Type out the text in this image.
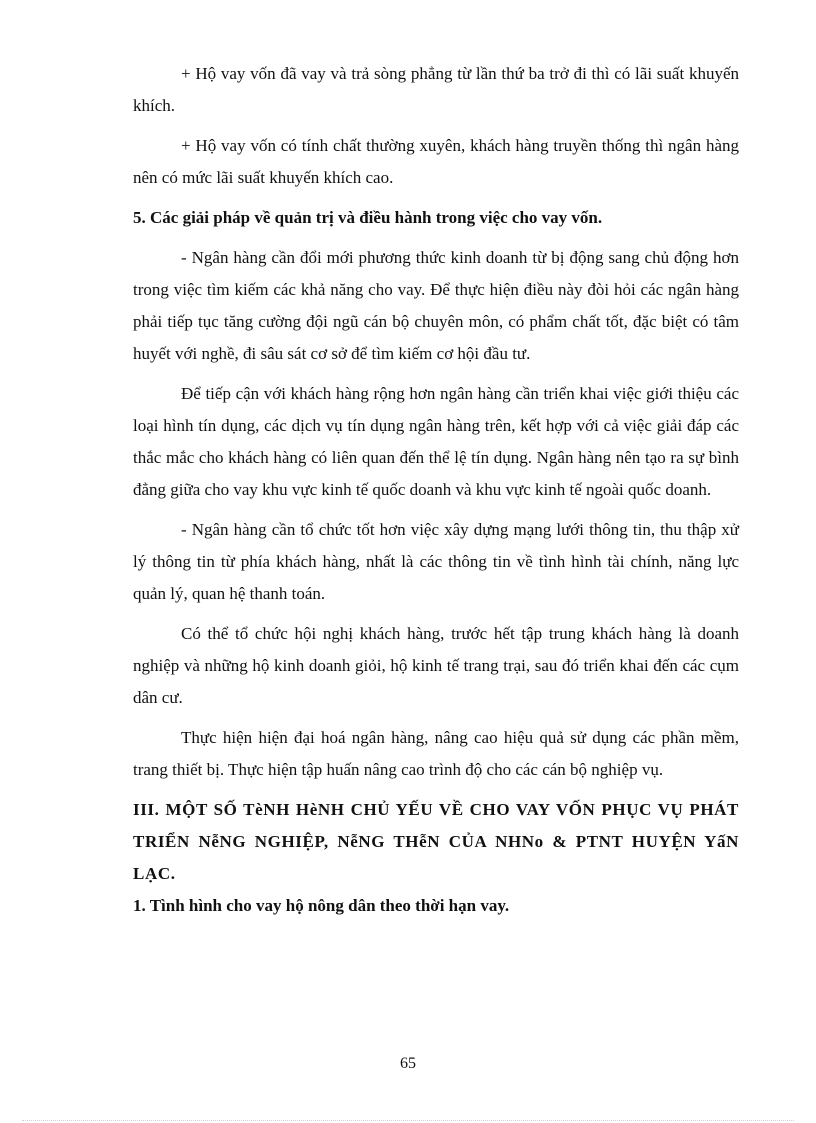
+ Hộ vay vốn đã vay và trả sòng phẳng từ lần thứ ba trở đi thì có lãi suất khuyến khích.

+ Hộ vay vốn có tính chất thường xuyên, khách hàng truyền thống thì ngân hàng nên có mức lãi suất khuyến khích cao.

5. Các giải pháp về quản trị và điều hành trong việc cho vay vốn.

- Ngân hàng cần đổi mới phương thức kinh doanh từ bị động sang chủ động hơn trong việc tìm kiếm các khả năng cho vay. Để thực hiện điều này đòi hỏi các ngân hàng phải tiếp tục tăng cường đội ngũ cán bộ chuyên môn, có phẩm chất tốt, đặc biệt có tâm huyết với nghề, đi sâu sát cơ sở để tìm kiếm cơ hội đầu tư.

Để tiếp cận với khách hàng rộng hơn ngân hàng cần triển khai việc giới thiệu các loại hình tín dụng, các dịch vụ tín dụng ngân hàng trên, kết hợp với cả việc giải đáp các thắc mắc cho khách hàng có liên quan đến thể lệ tín dụng. Ngân hàng nên tạo ra sự bình đẳng giữa cho vay khu vực kinh tế quốc doanh và khu vực kinh tế ngoài quốc doanh.

- Ngân hàng cần tổ chức tốt hơn việc xây dựng mạng lưới thông tin, thu thập xử lý thông tin từ phía khách hàng, nhất là các thông tin về tình hình tài chính, năng lực quản lý, quan hệ thanh toán.

Có thể tổ chức hội nghị khách hàng, trước hết tập trung khách hàng là doanh nghiệp và những hộ kinh doanh giỏi, hộ kinh tế trang trại, sau đó triển khai đến các cụm dân cư.

Thực hiện hiện đại hoá ngân hàng, nâng cao hiệu quả sử dụng các phần mềm, trang thiết bị. Thực hiện tập huấn nâng cao trình độ cho các cán bộ nghiệp vụ.

III. MỘT SỐ TèNH HèNH CHỦ YẾU VỀ CHO VAY VỐN PHỤC VỤ PHÁT TRIỂN NễNG NGHIỆP, NễNG THễN CỦA NHNo & PTNT HUYỆN YấN LẠC.

1. Tình hình cho vay hộ nông dân theo thời hạn vay.

65
